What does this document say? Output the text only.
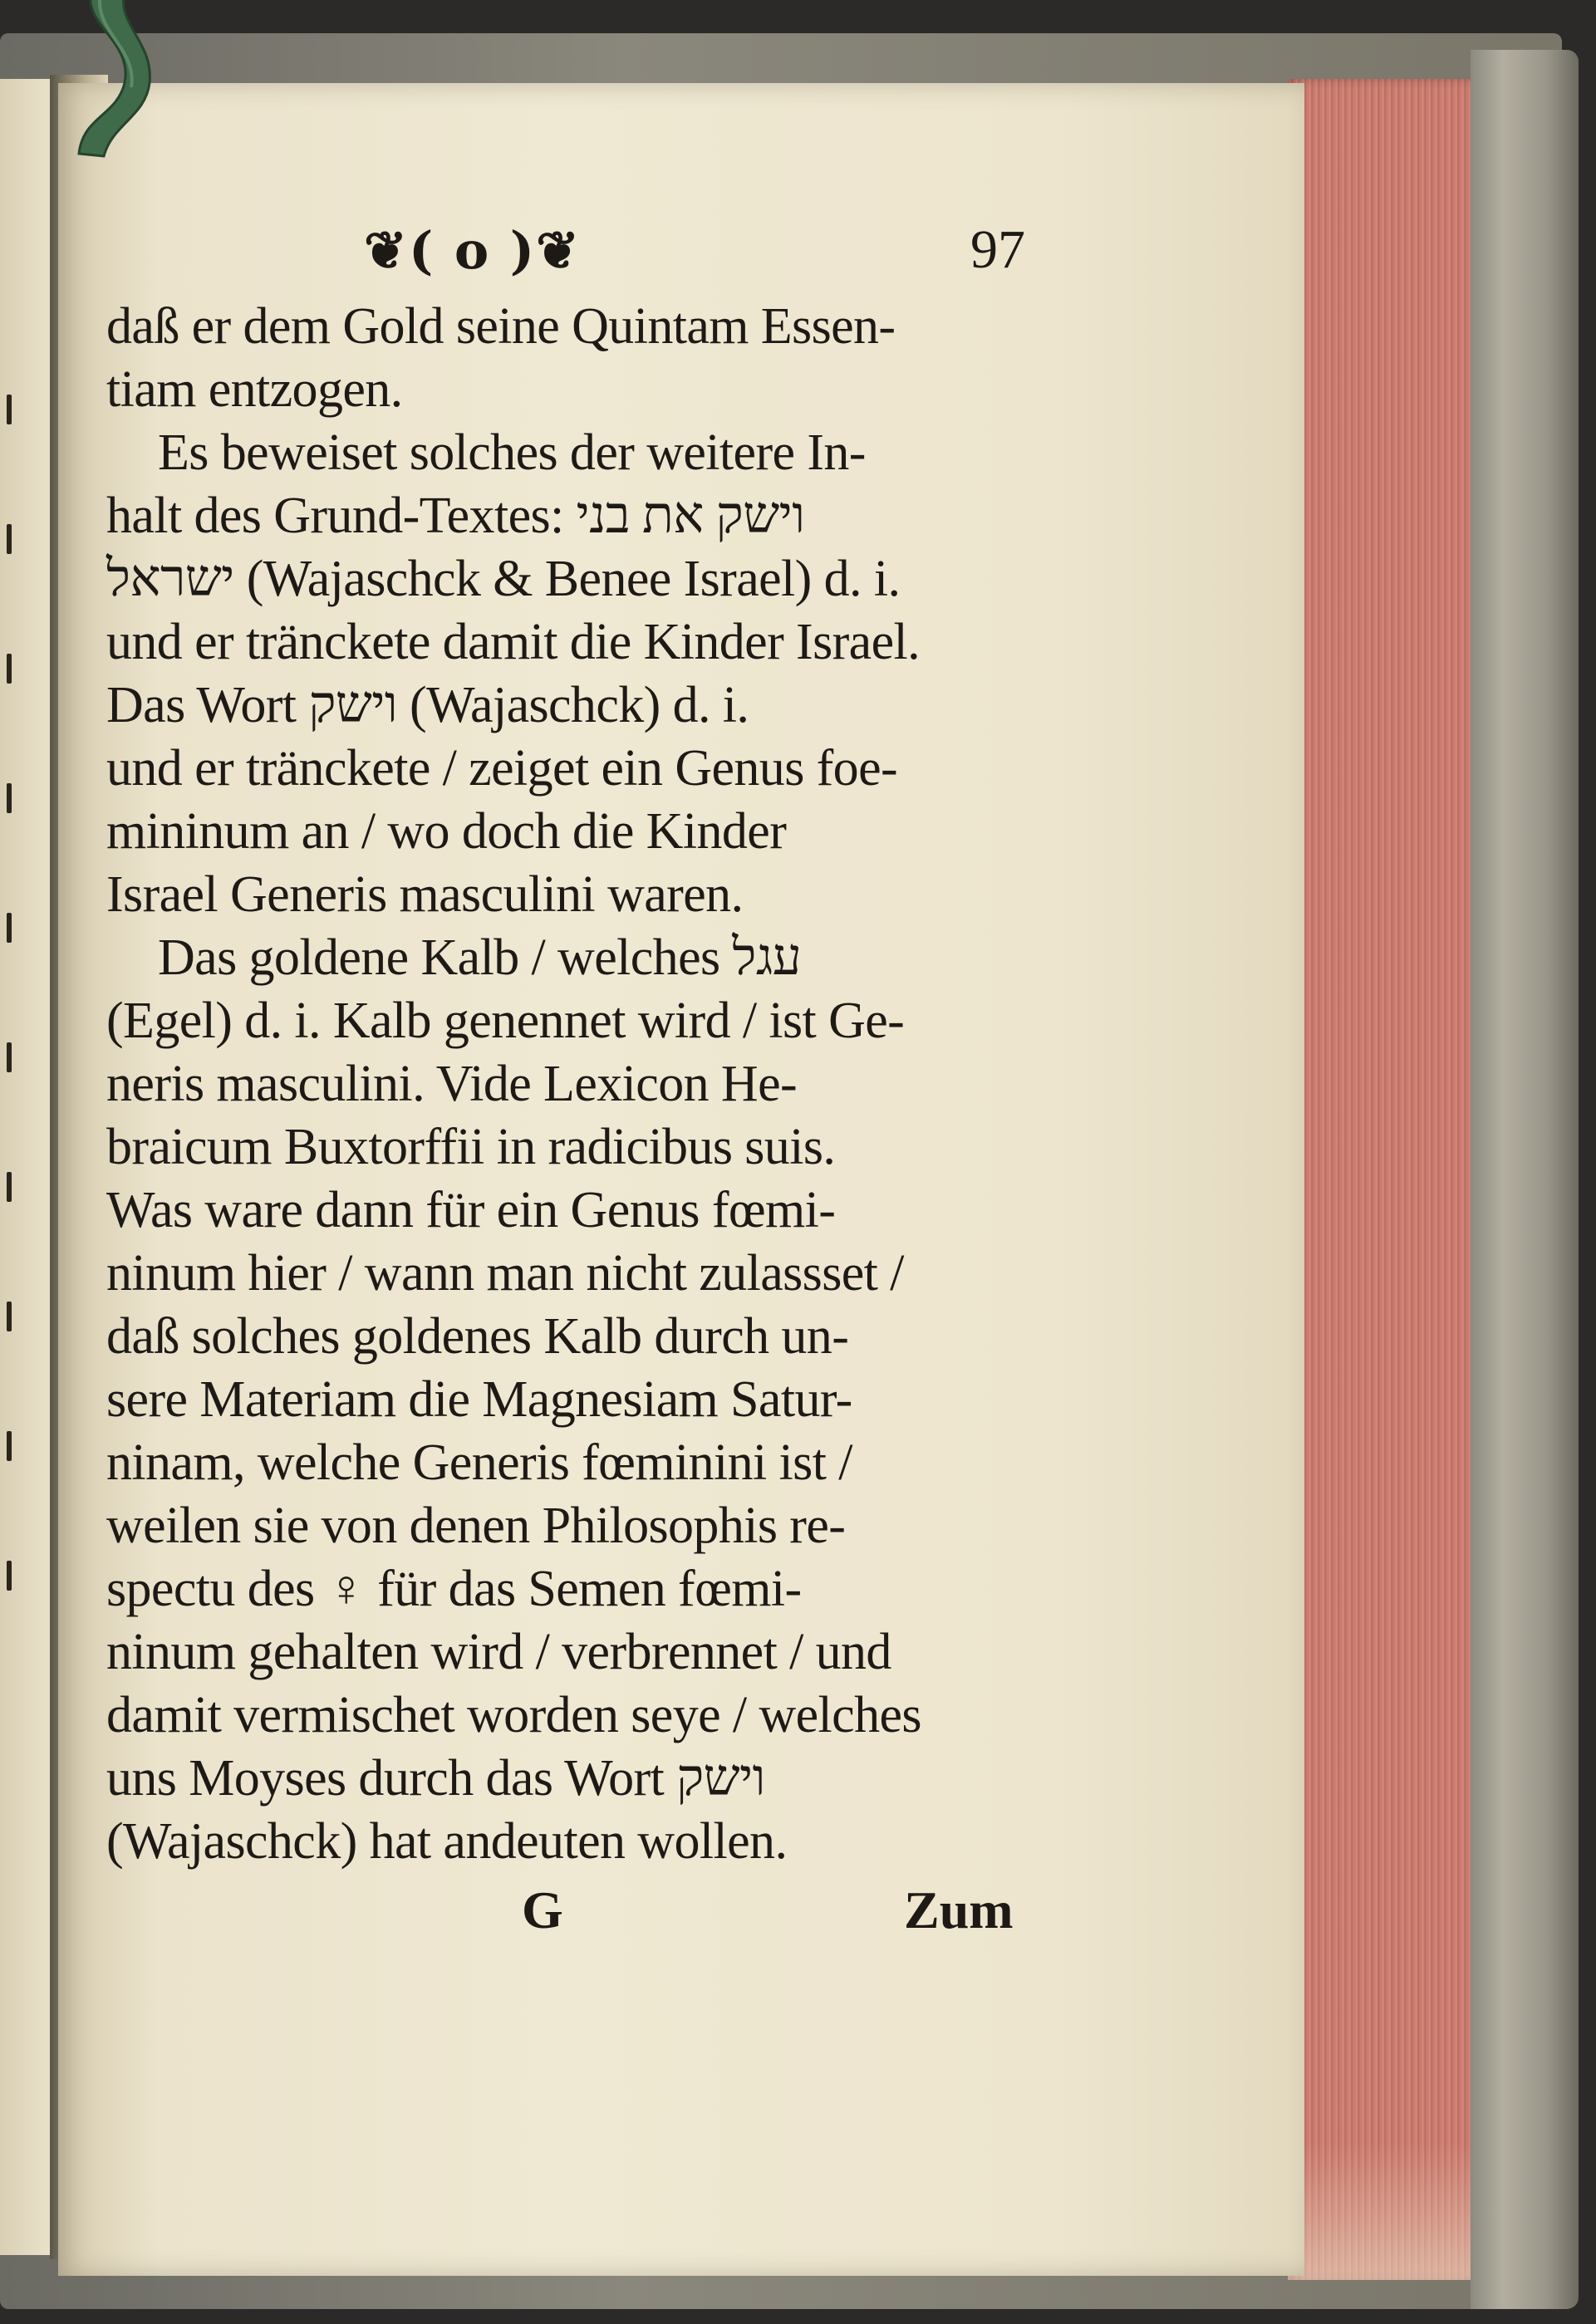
❦( o )❦	97
daß er dem Gold seine Quintam Essen-
tiam entzogen.
Es beweiset solches der weitere In-
halt des Grund-Textes: וישק את בני
ישראל (Wajaschck & Benee Israel) d. i.
und er tränckete damit die Kinder Israel.
Das Wort וישק (Wajaschck) d. i.
und er tränckete / zeiget ein Genus foe-
mininum an / wo doch die Kinder
Israel Generis masculini waren.
Das goldene Kalb / welches עגל
(Egel) d. i. Kalb genennet wird / ist Ge-
neris masculini. Vide Lexicon He-
braicum Buxtorffii in radicibus suis.
Was ware dann für ein Genus fœmi-
ninum hier / wann man nicht zulassset /
daß solches goldenes Kalb durch un-
sere Materiam die Magnesiam Satur-
ninam, welche Generis fœminini ist /
weilen sie von denen Philosophis re-
spectu des ♀ für das Semen fœmi-
ninum gehalten wird / verbrennet / und
damit vermischet worden seye / welches
uns Moyses durch das Wort וישק
(Wajaschck) hat andeuten wollen.
G	Zum
